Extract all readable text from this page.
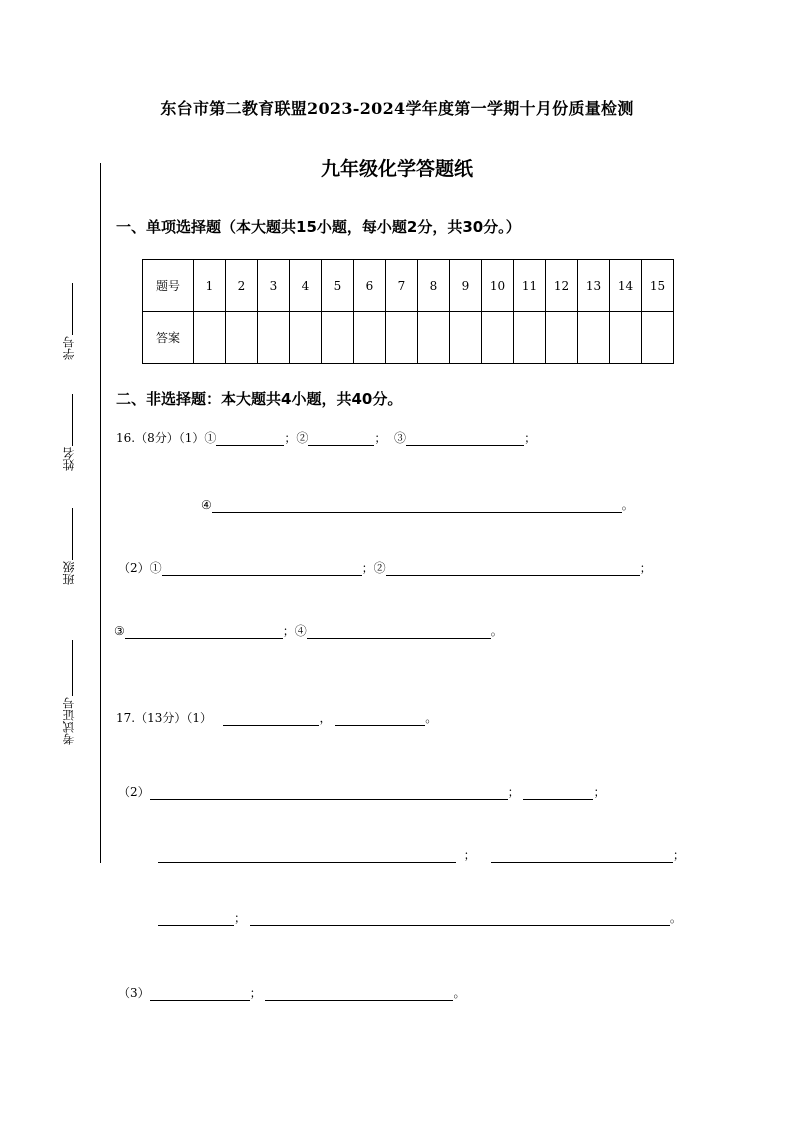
东台市第二教育联盟2023-2024学年度第一学期十月份质量检测
九年级化学答题纸
学号
姓名
班级
考试证号
一、单项选择题（本大题共15小题，每小题2分，共30分。）
题号	1	2	3	4	5	6	7	8	9	10	11	12	13	14	15
答案															
二、非选择题：本大题共4小题，共40分。
16.（8分）（1）①	；②	； ③	；
④	。
（2）①	；②	；
③	；④	。
17.（13分）（1）	，	。
（2）	；	；
；	；
；	。
（3）	；	。
